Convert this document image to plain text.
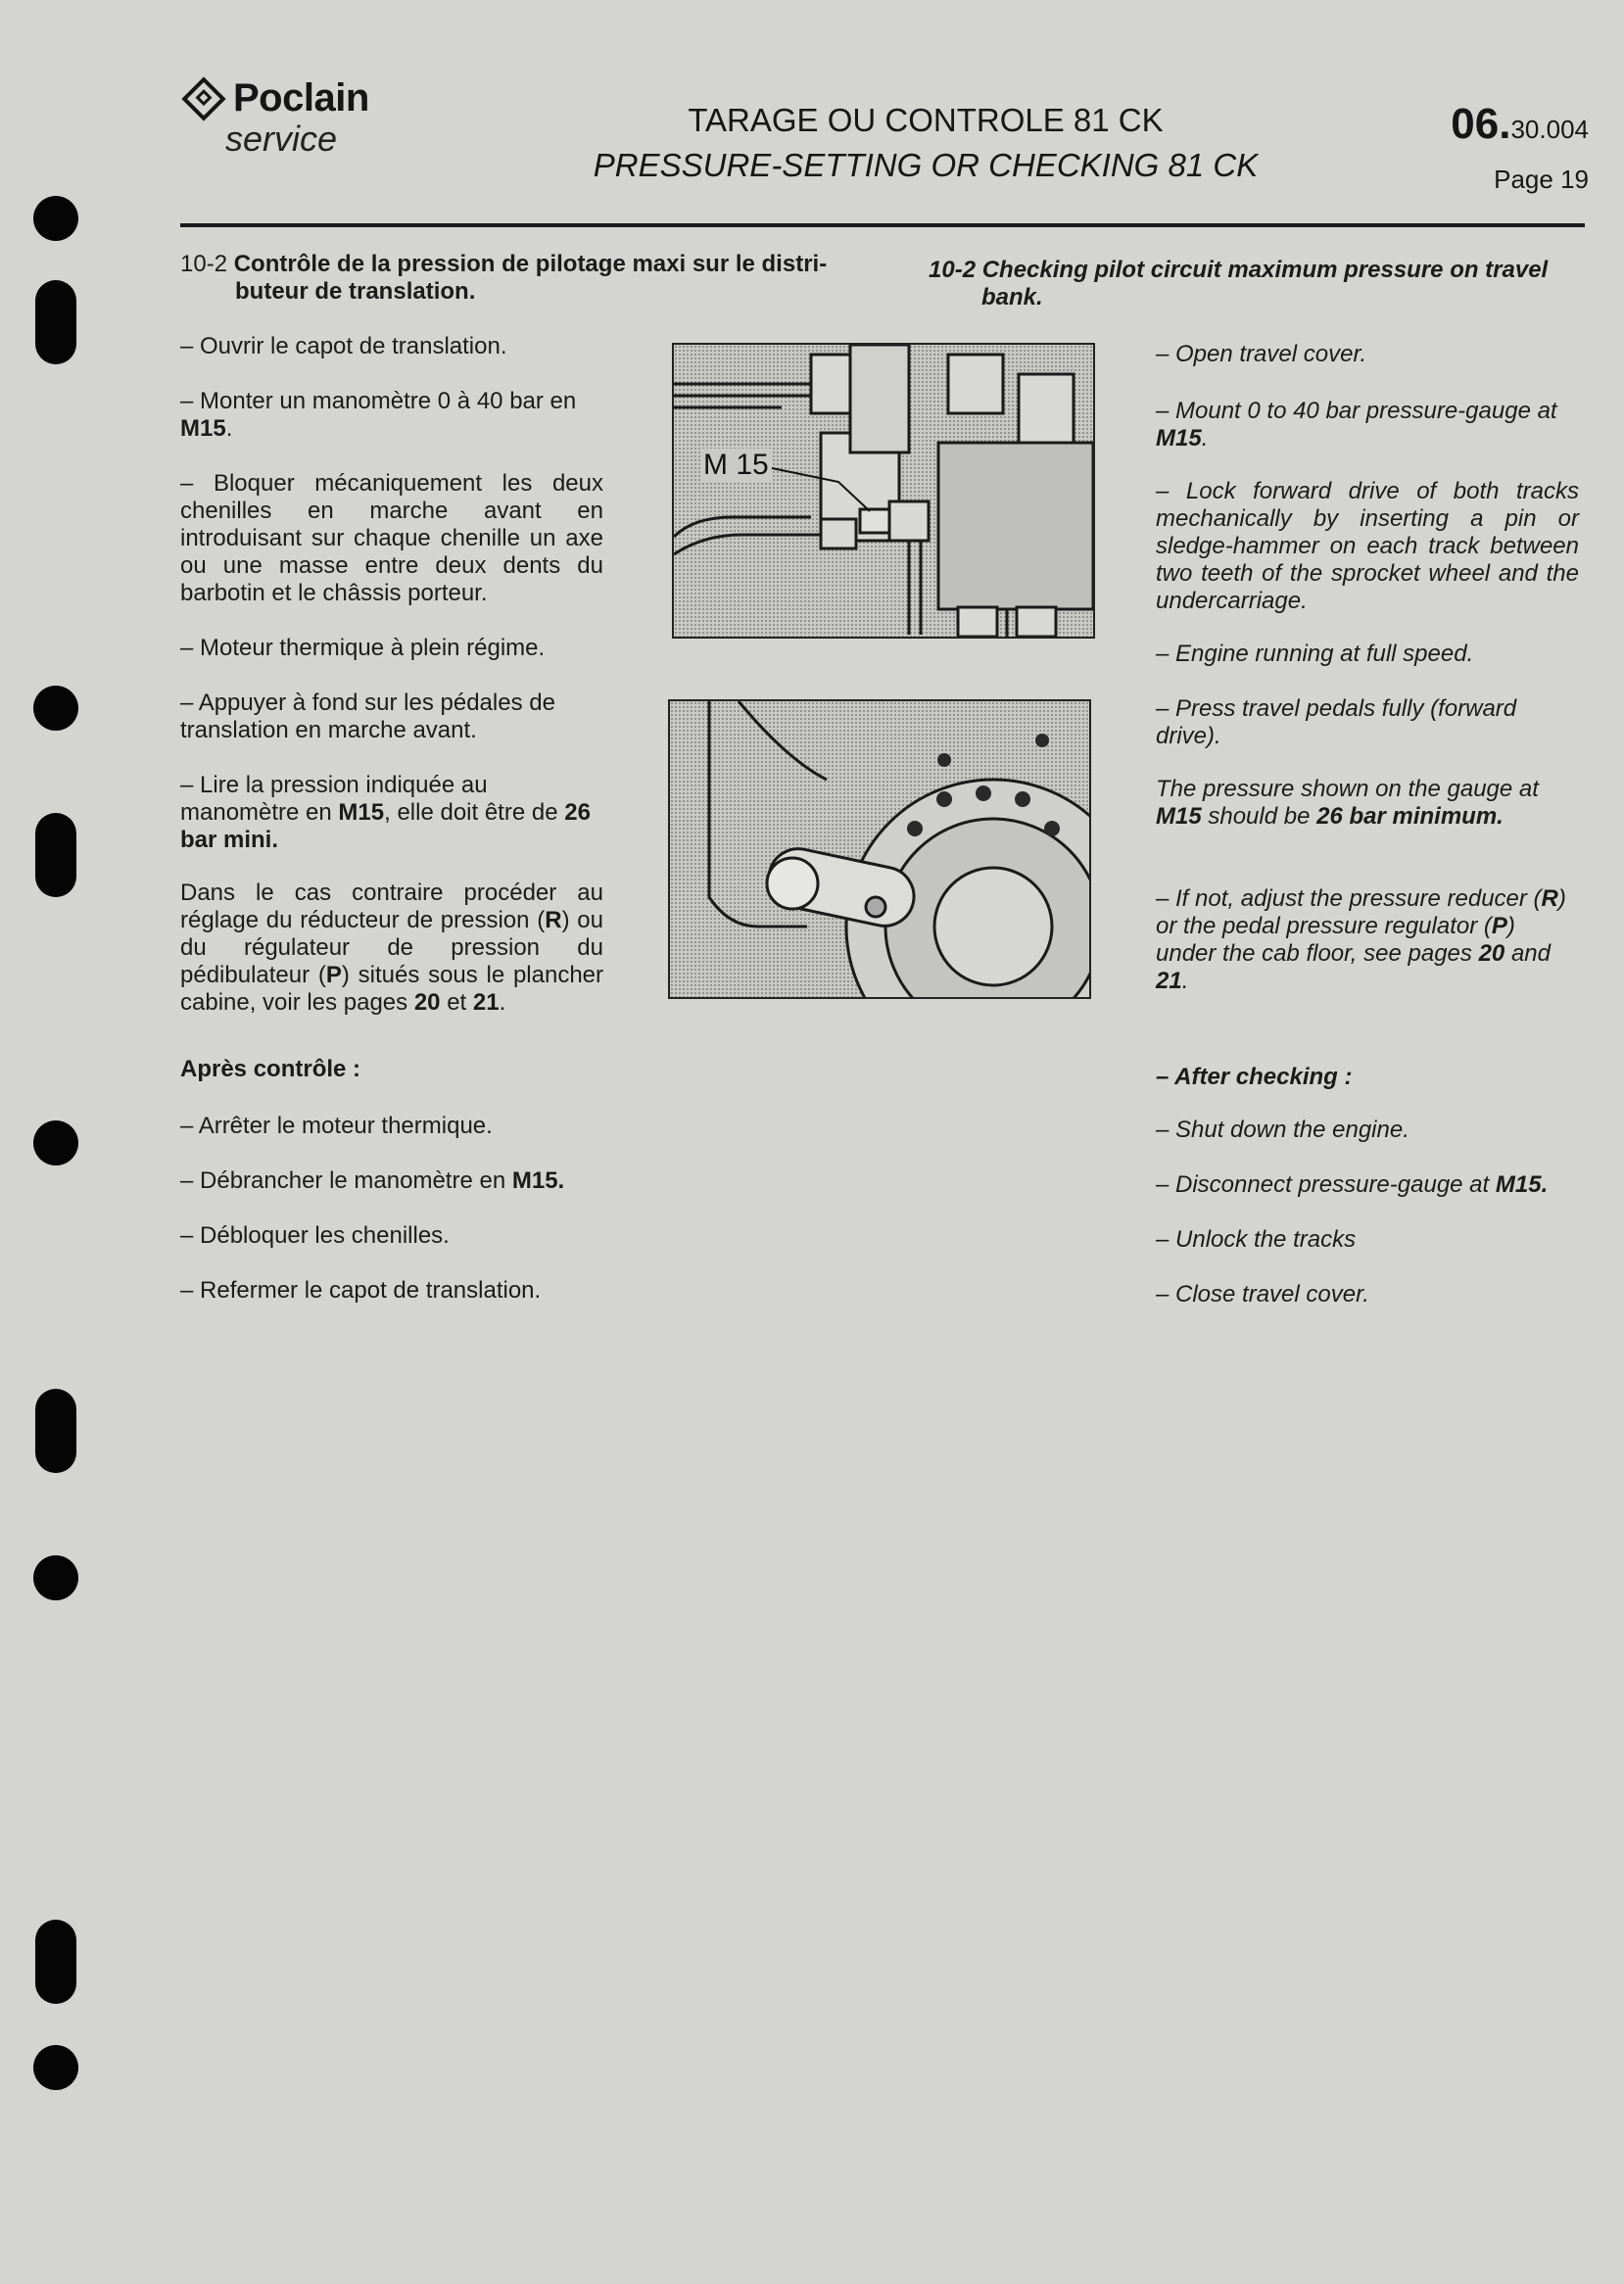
Poclain
service	TARAGE OU CONTROLE 81 CK
PRESSURE-SETTING OR CHECKING 81 CK
06.30.004
Page 19
10-2 Contrôle de la pression de pilotage maxi sur le distri-
buteur de translation.
10-2 Checking pilot circuit maximum pressure on travel
bank.
– Ouvrir le capot de translation.
– Monter un manomètre 0 à 40 bar en
M15.
– Bloquer mécaniquement les deux chenilles en marche avant en introduisant sur chaque chenille un axe ou une masse entre deux dents du barbotin et le châssis porteur.
– Moteur thermique à plein régime.
– Appuyer à fond sur les pédales de translation en marche avant.
– Lire la pression indiquée au manomètre en M15, elle doit être de 26 bar mini.
Dans le cas contraire procéder au réglage du réducteur de pression (R) ou du régulateur de pression du pédibulateur (P) situés sous le plancher cabine, voir les pages 20 et 21.
Après contrôle :
– Arrêter le moteur thermique.
– Débrancher le manomètre en M15.
– Débloquer les chenilles.
– Refermer le capot de translation.
– Open travel cover.
– Mount 0 to 40 bar pressure-gauge at M15.
– Lock forward drive of both tracks mechanically by inserting a pin or sledge-hammer on each track between two teeth of the sprocket wheel and the undercarriage.
– Engine running at full speed.
– Press travel pedals fully (forward drive).
The pressure shown on the gauge at M15 should be 26 bar minimum.
– If not, adjust the pressure reducer (R) or the pedal pressure regulator (P) under the cab floor, see pages 20 and 21.
– After checking :
– Shut down the engine.
– Disconnect pressure-gauge at M15.
– Unlock the tracks
– Close travel cover.
M 15
